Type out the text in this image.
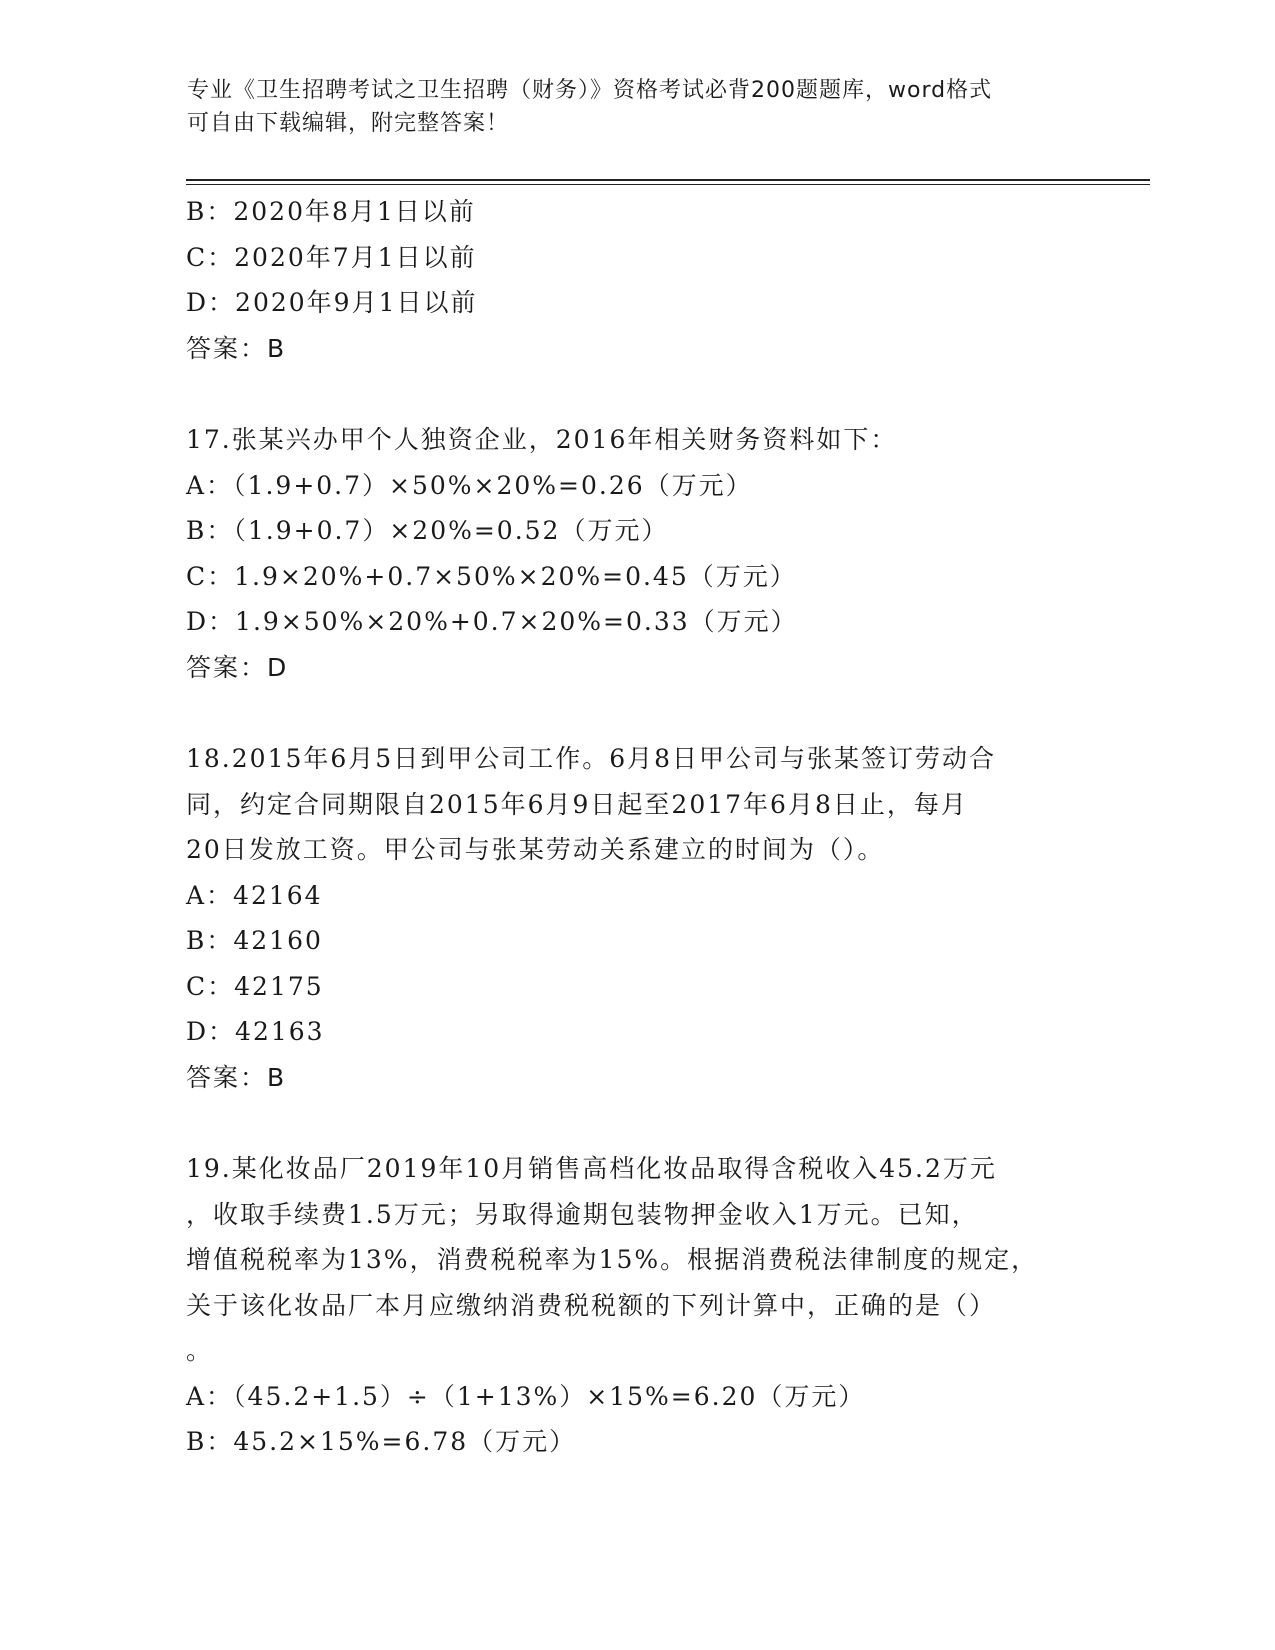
专业《卫生招聘考试之卫生招聘（财务）》资格考试必背200题题库，word格式
可自由下载编辑，附完整答案！
B：2020年8月1日以前
C：2020年7月1日以前
D：2020年9月1日以前
答案：B
17.张某兴办甲个人独资企业，2016年相关财务资料如下：
A：（1.9+0.7）×50%×20%=0.26（万元）
B：（1.9+0.7）×20%=0.52（万元）
C：1.9×20%+0.7×50%×20%=0.45（万元）
D：1.9×50%×20%+0.7×20%=0.33（万元）
答案：D
18.2015年6月5日到甲公司工作。6月8日甲公司与张某签订劳动合
同，约定合同期限自2015年6月9日起至2017年6月8日止，每月
20日发放工资。甲公司与张某劳动关系建立的时间为（）。
A：42164
B：42160
C：42175
D：42163
答案：B
19.某化妆品厂2019年10月销售高档化妆品取得含税收入45.2万元
，收取手续费1.5万元；另取得逾期包装物押金收入1万元。已知，
增值税税率为13%，消费税税率为15%。根据消费税法律制度的规定，
关于该化妆品厂本月应缴纳消费税税额的下列计算中，正确的是（）
。
A：（45.2+1.5）÷（1+13%）×15%=6.20（万元）
B：45.2×15%=6.78（万元）
